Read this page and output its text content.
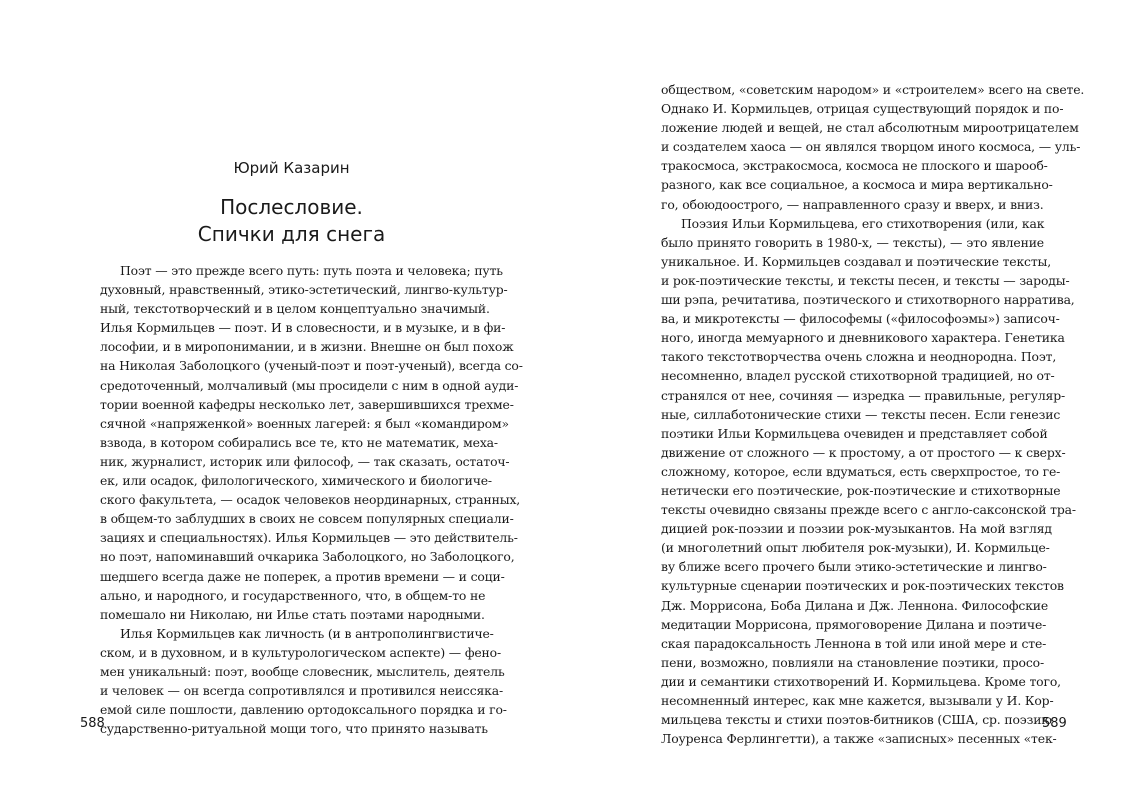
Юрий Казарин
Послесловие.
Спички для снега
Поэт — это прежде всего путь: путь поэта и человека; путь
духовный, нравственный, этико-эстетический, лингво-культур-
ный, текстотворческий и в целом концептуально значимый.
Илья Кормильцев — поэт. И в словесности, и в музыке, и в фи-
лософии, и в миропонимании, и в жизни. Внешне он был похож
на Николая Заболоцкого (ученый-поэт и поэт-ученый), всегда со-
средоточенный, молчаливый (мы просидели с ним в одной ауди-
тории военной кафедры несколько лет, завершившихся трехме-
сячной «напряженкой» военных лагерей: я был «командиром»
взвода, в котором собирались все те, кто не математик, меха-
ник, журналист, историк или философ, — так сказать, остаточ-
ек, или осадок, филологического, химического и биологиче-
ского факультета, — осадок человеков неординарных, странных,
в общем-то заблудших в своих не совсем популярных специали-
зациях и специальностях). Илья Кормильцев — это действитель-
но поэт, напоминавший очкарика Заболоцкого, но Заболоцкого,
шедшего всегда даже не поперек, а против времени — и соци-
ально, и народного, и государственного, что, в общем-то не
помешало ни Николаю, ни Илье стать поэтами народными.
Илья Кормильцев как личность (и в антрополингвистиче-
ском, и в духовном, и в культурологическом аспекте) — фено-
мен уникальный: поэт, вообще словесник, мыслитель, деятель
и человек — он всегда сопротивлялся и противился неиссяка-
емой силе пошлости, давлению ортодоксального порядка и го-
сударственно-ритуальной мощи того, что принято называть
588
обществом, «советским народом» и «строителем» всего на свете.
Однако И. Кормильцев, отрицая существующий порядок и по-
ложение людей и вещей, не стал абсолютным мироотрицателем
и создателем хаоса — он являлся творцом иного космоса, — уль-
тракосмоса, экстракосмоса, космоса не плоского и шарооб-
разного, как все социальное, а космоса и мира вертикально-
го, обоюдоострого, — направленного сразу и вверх, и вниз.
Поэзия Ильи Кормильцева, его стихотворения (или, как
было принято говорить в 1980-х, — тексты), — это явление
уникальное. И. Кормильцев создавал и поэтические тексты,
и рок-поэтические тексты, и тексты песен, и тексты — зароды-
ши рэпа, речитатива, поэтического и стихотворного нарратива,
ва, и микротексты — философемы («философоэмы») записоч-
ного, иногда мемуарного и дневникового характера. Генетика
такого текстотворчества очень сложна и неоднородна. Поэт,
несомненно, владел русской стихотворной традицией, но от-
странялся от нее, сочиняя — изредка — правильные, регуляр-
ные, силлаботонические стихи — тексты песен. Если генезис
поэтики Ильи Кормильцева очевиден и представляет собой
движение от сложного — к простому, а от простого — к сверх-
сложному, которое, если вдуматься, есть сверхпростое, то ге-
нетически его поэтические, рок-поэтические и стихотворные
тексты очевидно связаны прежде всего с англо-саксонской тра-
дицией рок-поэзии и поэзии рок-музыкантов. На мой взгляд
(и многолетний опыт любителя рок-музыки), И. Кормильце-
ву ближе всего прочего были этико-эстетические и лингво-
культурные сценарии поэтических и рок-поэтических текстов
Дж. Моррисона, Боба Дилана и Дж. Леннона. Философские
медитации Моррисона, прямоговорение Дилана и поэтиче-
ская парадоксальность Леннона в той или иной мере и сте-
пени, возможно, повлияли на становление поэтики, просо-
дии и семантики стихотворений И. Кормильцева. Кроме того,
несомненный интерес, как мне кажется, вызывали у И. Кор-
мильцева тексты и стихи поэтов-битников (США, ср. поэзию
Лоуренса Ферлингетти), а также «записных» песенных «тек-
589
